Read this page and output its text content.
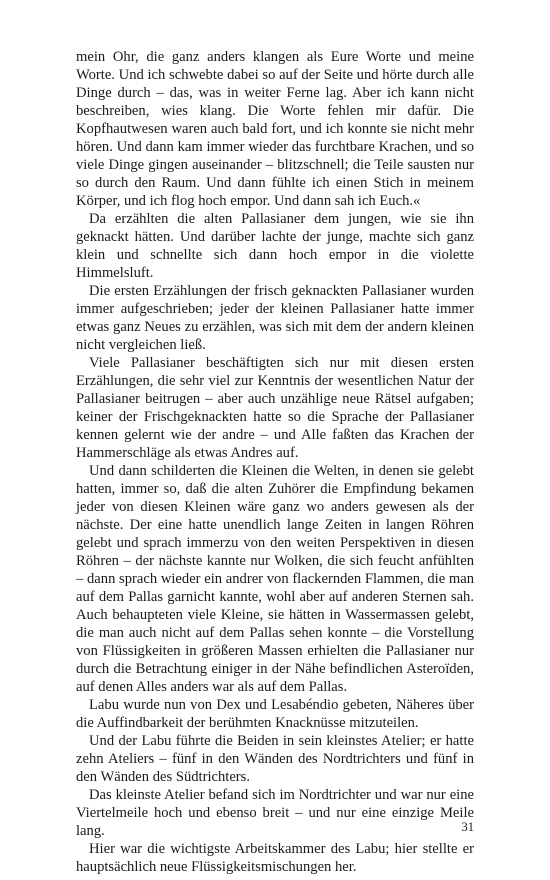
mein Ohr, die ganz anders klangen als Eure Worte und meine Worte. Und ich schwebte dabei so auf der Seite und hörte durch alle Dinge durch – das, was in weiter Ferne lag. Aber ich kann nicht beschreiben, wies klang. Die Worte fehlen mir dafür. Die Kopfhautwesen waren auch bald fort, und ich konnte sie nicht mehr hören. Und dann kam immer wieder das furchtbare Krachen, und so viele Dinge gingen auseinander – blitzschnell; die Teile sausten nur so durch den Raum. Und dann fühlte ich einen Stich in meinem Körper, und ich flog hoch empor. Und dann sah ich Euch.«

Da erzählten die alten Pallasianer dem jungen, wie sie ihn geknackt hätten. Und darüber lachte der junge, machte sich ganz klein und schnellte sich dann hoch empor in die violette Himmelsluft.

Die ersten Erzählungen der frisch geknackten Pallasianer wurden immer aufgeschrieben; jeder der kleinen Pallasianer hatte immer etwas ganz Neues zu erzählen, was sich mit dem der andern kleinen nicht vergleichen ließ.

Viele Pallasianer beschäftigten sich nur mit diesen ersten Erzählungen, die sehr viel zur Kenntnis der wesentlichen Natur der Pallasianer beitrugen – aber auch unzählige neue Rätsel aufgaben; keiner der Frischgeknackten hatte so die Sprache der Pallasianer kennen gelernt wie der andre – und Alle faßten das Krachen der Hammerschläge als etwas Andres auf.

Und dann schilderten die Kleinen die Welten, in denen sie gelebt hatten, immer so, daß die alten Zuhörer die Empfindung bekamen jeder von diesen Kleinen wäre ganz wo anders gewesen als der nächste. Der eine hatte unendlich lange Zeiten in langen Röhren gelebt und sprach immerzu von den weiten Perspektiven in diesen Röhren – der nächste kannte nur Wolken, die sich feucht anfühlten – dann sprach wieder ein andrer von flackernden Flammen, die man auf dem Pallas garnicht kannte, wohl aber auf anderen Sternen sah. Auch behaupteten viele Kleine, sie hätten in Wassermassen gelebt, die man auch nicht auf dem Pallas sehen konnte – die Vorstellung von Flüssigkeiten in größeren Massen erhielten die Pallasianer nur durch die Betrachtung einiger in der Nähe befindlichen Asteroïden, auf denen Alles anders war als auf dem Pallas.

Labu wurde nun von Dex und Lesabéndio gebeten, Näheres über die Auffindbarkeit der berühmten Knacknüsse mitzuteilen.

Und der Labu führte die Beiden in sein kleinstes Atelier; er hatte zehn Ateliers – fünf in den Wänden des Nordtrichters und fünf in den Wänden des Südtrichters.

Das kleinste Atelier befand sich im Nordtrichter und war nur eine Viertelmeile hoch und ebenso breit – und nur eine einzige Meile lang.

Hier war die wichtigste Arbeitskammer des Labu; hier stellte er hauptsächlich neue Flüssigkeitsmischungen her.

31
